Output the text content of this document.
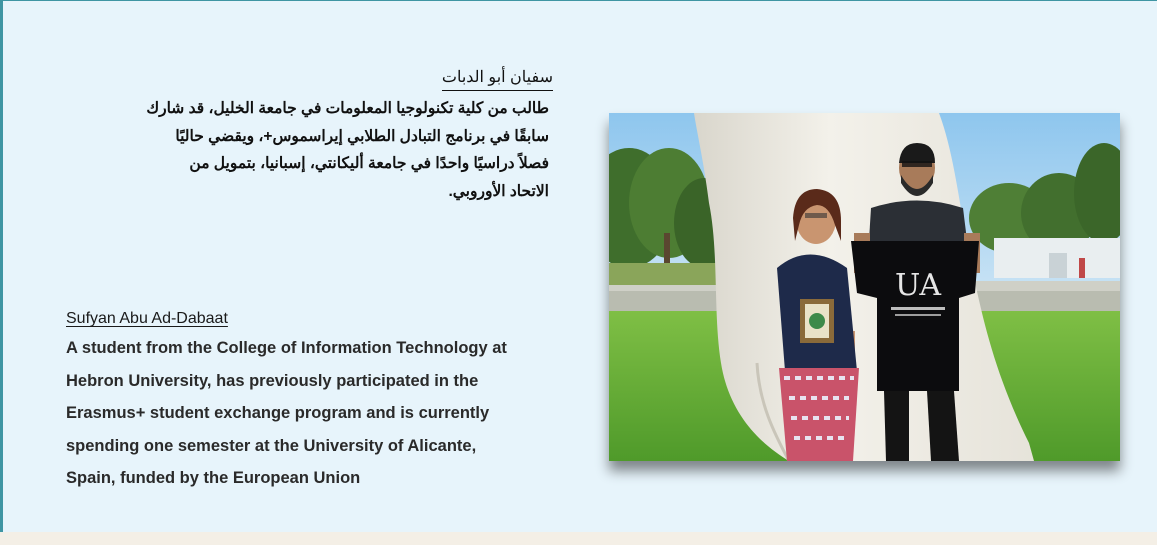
سفيان أبو الدبات
طالب من كلية تكنولوجيا المعلومات في جامعة الخليل، قد شارك
سابقًا في برنامج التبادل الطلابي إيراسموس+، ويقضي حاليًا
فصلاً دراسيًا واحدًا في جامعة أليكانتي، إسبانيا، بتمويل من
الاتحاد الأوروبي.
Sufyan Abu Ad-Dabaat
A student from the College of Information Technology at
Hebron University, has previously participated in the
Erasmus+ student exchange program and is currently
spending one semester at the University of Alicante,
Spain, funded by the European Union
UA
